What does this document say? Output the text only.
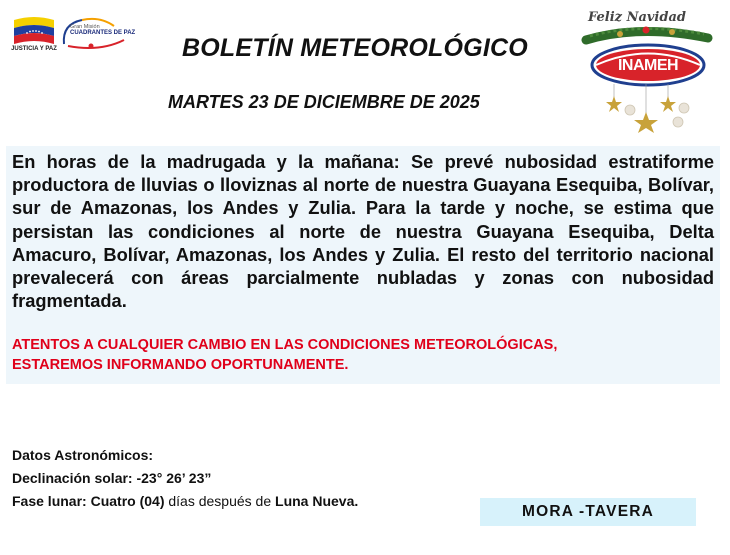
JUSTICIA Y PAZ
Gran Misión
CUADRANTES DE PAZ
BOLETÍN METEOROLÓGICO
MARTES 23 DE DICIEMBRE DE 2025
Feliz Navidad
INAMEH
En horas de la madrugada y la mañana: Se prevé nubosidad estratiforme productora de lluvias o lloviznas al norte de nuestra Guayana Esequiba, Bolívar, sur de Amazonas, los Andes y Zulia. Para la tarde y noche, se estima que persistan las condiciones al norte de nuestra Guayana Esequiba, Delta Amacuro, Bolívar, Amazonas, los Andes y Zulia. El resto del territorio nacional prevalecerá con áreas parcialmente nubladas y zonas con nubosidad fragmentada.
ATENTOS A CUALQUIER CAMBIO EN LAS CONDICIONES METEOROLÓGICAS,
ESTAREMOS INFORMANDO OPORTUNAMENTE.
Datos Astronómicos:
Declinación solar: -23° 26’ 23”
Fase lunar: Cuatro (04) días después de Luna Nueva.
MORA -TAVERA
